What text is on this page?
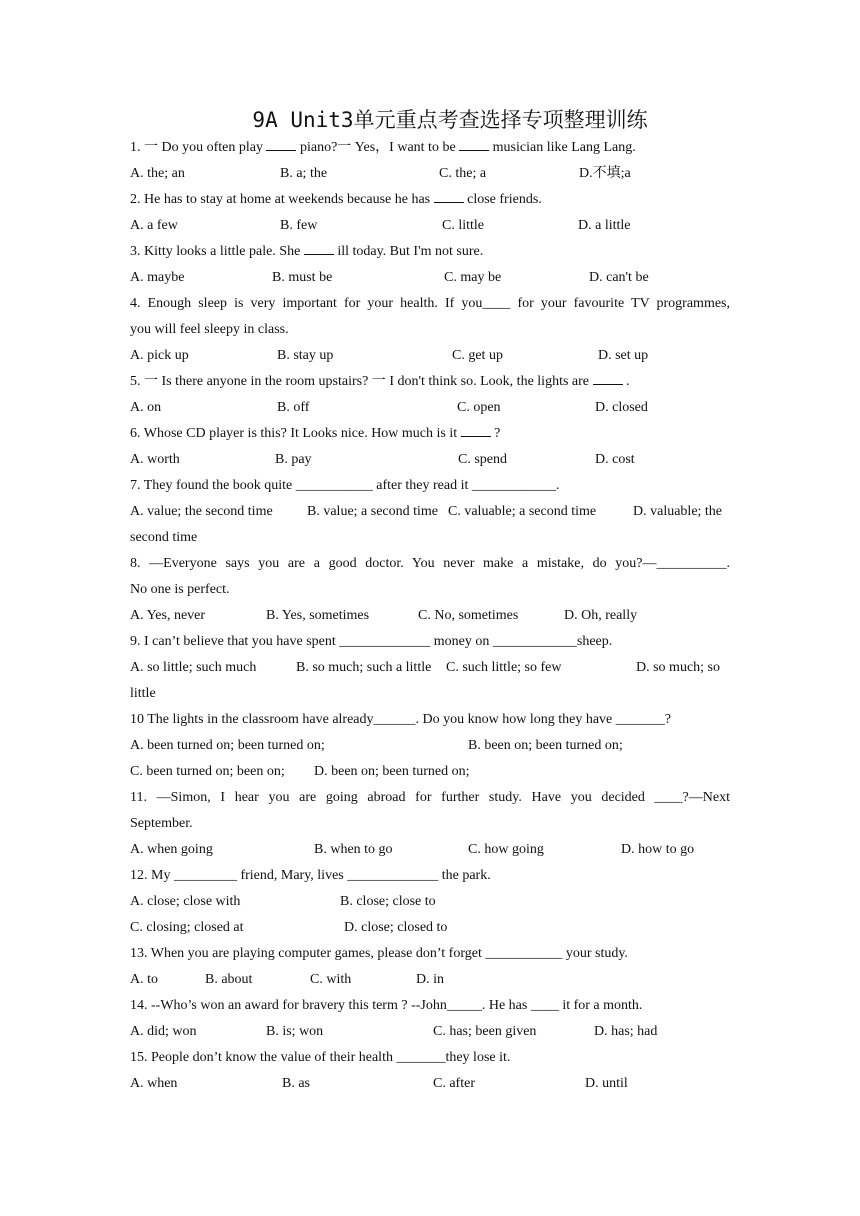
9A Unit3单元重点考查选择专项整理训练
1. 一 Do you often play	piano?一 Yes，I want to be	musician like Lang Lang.
A. the; an	B. a; the	C. the; a	D.不填;a
2. He has to stay at home at weekends because he has	close friends.
A. a few	B. few	C. little	D. a little
3. Kitty looks a little pale. She	ill today. But I'm not sure.
A. maybe	B. must be	C. may be	D. can't be
4. Enough sleep is very important for your health. If you____ for your favourite TV programmes,
you will feel sleepy in class.
A. pick up	B. stay up	C. get up	D. set up
5. 一 Is there anyone in the room upstairs? 一 I don't think so. Look, the lights are	.
A. on	B. off	C. open	D. closed
6. Whose CD player is this? It Looks nice. How much is it	?
A. worth	B. pay	C. spend	D. cost
7. They found the book quite ___________ after they read it ____________.
A. value; the second time B. value; a second time C. valuable; a second time	D. valuable; the
second time
8. —Everyone says you are a good doctor. You never make a mistake, do you?—__________.
No one is perfect.
A. Yes, never	B. Yes, sometimes	C. No, sometimes	D. Oh, really
9. I can’t believe that you have spent _____________ money on ____________sheep.
A. so little; such much	B. so much; such a little C. such little; so few	D. so much; so
little
10 The lights in the classroom have already______. Do you know how long they have _______?
A. been turned on; been turned on;	B. been on; been turned on;
C. been turned on; been on; D. been on; been turned on;
11. —Simon, I hear you are going abroad for further study. Have you decided ____?—Next
September.
A. when going	B. when to go	C. how going	D. how to go
12. My _________ friend, Mary, lives _____________ the park.
A. close; close with	B. close; close to
C. closing; closed at	D. close; closed to
13. When you are playing computer games, please don’t forget ___________ your study.
A. to	B. about	C. with	D. in
14. --Who’s won an award for bravery this term ? --John_____. He has ____ it for a month.
A. did; won	B. is; won	C. has; been given	D. has; had
15. People don’t know the value of their health _______they lose it.
A. when	B. as	C. after	D. until
